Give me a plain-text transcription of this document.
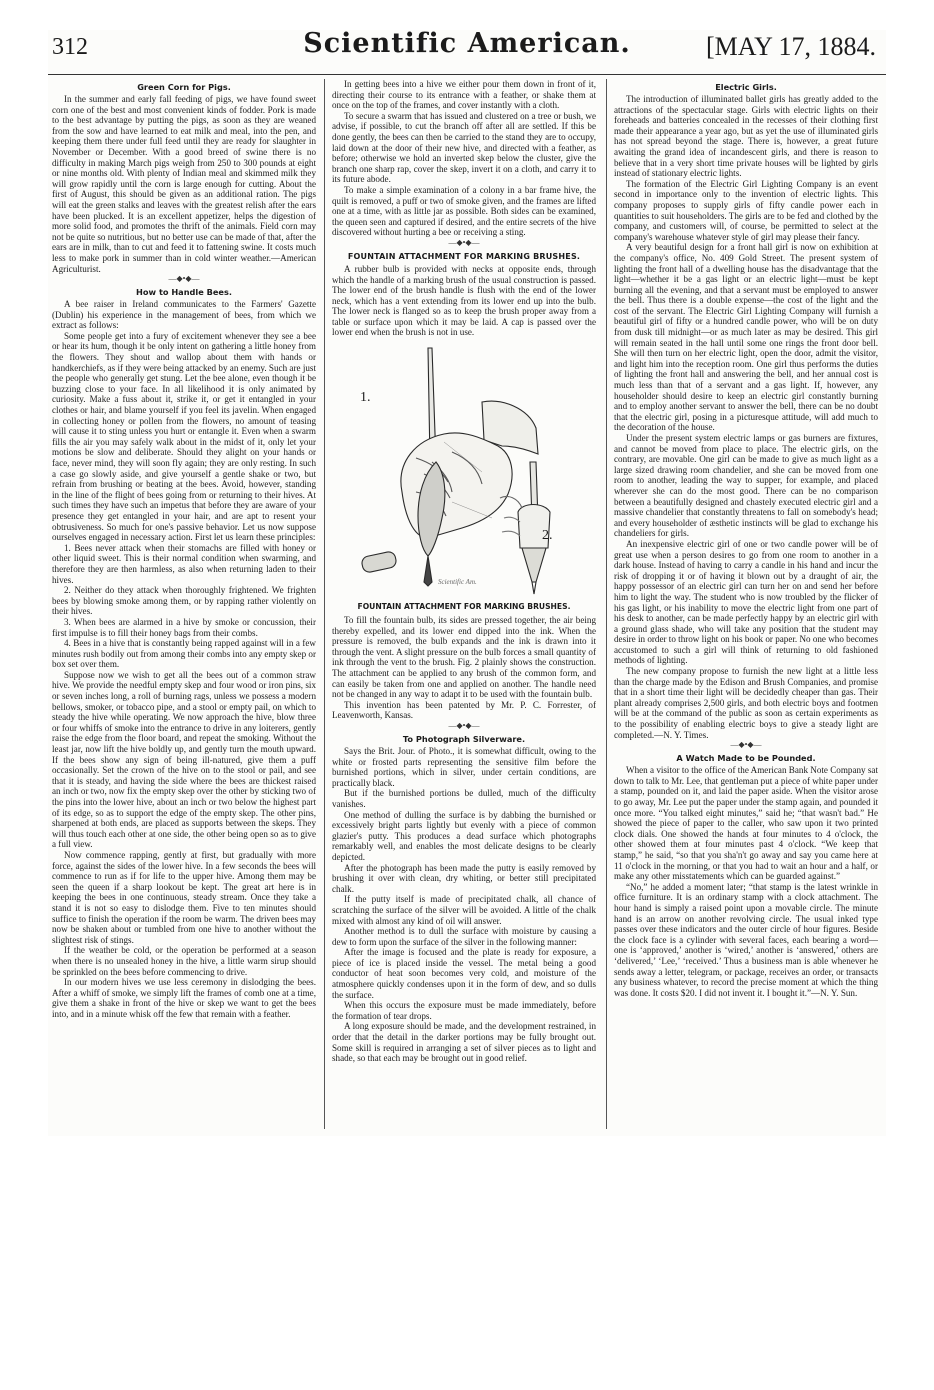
312	Scientific American.	[MAY 17, 1884.
Green Corn for Pigs.

In the summer and early fall feeding of pigs, we have found sweet corn one of the best and most convenient kinds of fodder. Pork is made to the best advantage by putting the pigs, as soon as they are weaned from the sow and have learned to eat milk and meal, into the pen, and keeping them there under full feed until they are ready for slaughter in November or December. With a good breed of swine there is no difficulty in making March pigs weigh from 250 to 300 pounds at eight or nine months old. With plenty of Indian meal and skimmed milk they will grow rapidly until the corn is large enough for cutting. About the first of August, this should be given as an additional ration. The pigs will eat the green stalks and leaves with the greatest relish after the ears have been plucked. It is an excellent appetizer, helps the digestion of more solid food, and promotes the thrift of the animals. Field corn may not be quite so nutritious, but no better use can be made of that, after the ears are in milk, than to cut and feed it to fattening swine. It costs much less to make pork in summer than in cold winter weather.—American Agriculturist.

—◆•◆—
How to Handle Bees.

A bee raiser in Ireland communicates to the Farmers' Gazette (Dublin) his experience in the management of bees, from which we extract as follows:

Some people get into a fury of excitement whenever they see a bee or hear its hum, though it be only intent on gathering a little honey from the flowers. They shout and wallop about them with hands or handkerchiefs, as if they were being attacked by an enemy. Such are just the people who generally get stung. Let the bee alone, even though it be buzzing close to your face. In all likelihood it is only animated by curiosity. Make a fuss about it, strike it, or get it entangled in your clothes or hair, and blame yourself if you feel its javelin. When engaged in collecting honey or pollen from the flowers, no amount of teasing will cause it to sting unless you hurt or entangle it. Even when a swarm fills the air you may safely walk about in the midst of it, only let your motions be slow and deliberate. Should they alight on your hands or face, never mind, they will soon fly again; they are only resting. In such a case go slowly aside, and give yourself a gentle shake or two, but refrain from brushing or beating at the bees. Avoid, however, standing in the line of the flight of bees going from or returning to their hives. At such times they have such an impetus that before they are aware of your presence they get entangled in your hair, and are apt to resent your obtrusiveness. So much for one's passive behavior. Let us now suppose ourselves engaged in necessary action. First let us learn these principles:

1. Bees never attack when their stomachs are filled with honey or other liquid sweet. This is their normal condition when swarming, and therefore they are then harmless, as also when returning laden to their hives.

2. Neither do they attack when thoroughly frightened. We frighten bees by blowing smoke among them, or by rapping rather violently on their hives.

3. When bees are alarmed in a hive by smoke or concussion, their first impulse is to fill their honey bags from their combs.

4. Bees in a hive that is constantly being rapped against will in a few minutes rush bodily out from among their combs into any empty skep or box set over them.

Suppose now we wish to get all the bees out of a common straw hive. We provide the needful empty skep and four wood or iron pins, six or seven inches long, a roll of burning rags, unless we possess a modern bellows, smoker, or tobacco pipe, and a stool or empty pail, on which to steady the hive while operating. We now approach the hive, blow three or four whiffs of smoke into the entrance to drive in any loiterers, gently raise the edge from the floor board, and repeat the smoking. Without the least jar, now lift the hive boldly up, and gently turn the mouth upward. If the bees show any sign of being ill-natured, give them a puff occasionally. Set the crown of the hive on to the stool or pail, and see that it is steady, and having the side where the bees are thickest raised an inch or two, now fix the empty skep over the other by sticking two of the pins into the lower hive, about an inch or two below the highest part of its edge, so as to support the edge of the empty skep. The other pins, sharpened at both ends, are placed as supports between the skeps. They will thus touch each other at one side, the other being open so as to give a full view.

Now commence rapping, gently at first, but gradually with more force, against the sides of the lower hive. In a few seconds the bees will commence to run as if for life to the upper hive. Among them may be seen the queen if a sharp lookout be kept. The great art here is in keeping the bees in one continuous, steady stream. Once they take a stand it is not so easy to dislodge them. Five to ten minutes should suffice to finish the operation if the room be warm. The driven bees may now be shaken about or tumbled from one hive to another without the slightest risk of stings.

If the weather be cold, or the operation be performed at a season when there is no unsealed honey in the hive, a little warm sirup should be sprinkled on the bees before commencing to drive.

In our modern hives we use less ceremony in dislodging the bees. After a whiff of smoke, we simply lift the frames of comb one at a time, give them a shake in front of the hive or skep we want to get the bees into, and in a minute whisk off the few that remain with a feather.

In getting bees into a hive we either pour them down in front of it, directing their course to its entrance with a feather, or shake them at once on the top of the frames, and cover instantly with a cloth.

To secure a swarm that has issued and clustered on a tree or bush, we advise, if possible, to cut the branch off after all are settled. If this be done gently, the bees can then be carried to the stand they are to occupy, laid down at the door of their new hive, and directed with a feather, as before; otherwise we hold an inverted skep below the cluster, give the branch one sharp rap, cover the skep, invert it on a cloth, and carry it to its future abode.

To make a simple examination of a colony in a bar frame hive, the quilt is removed, a puff or two of smoke given, and the frames are lifted one at a time, with as little jar as possible. Both sides can be examined, the queen seen and captured if desired, and the entire secrets of the hive discovered without hurting a bee or receiving a sting.

—◆•◆—
FOUNTAIN ATTACHMENT FOR MARKING BRUSHES.

A rubber bulb is provided with necks at opposite ends, through which the handle of a marking brush of the usual construction is passed. The lower end of the brush handle is flush with the end of the lower neck, which has a vent extending from its lower end up into the bulb. The lower neck is flanged so as to keep the brush proper away from a table or surface upon which it may be laid. A cap is passed over the lower end when the brush is not in use.

1.
2.
Scientific Am.
FOUNTAIN ATTACHMENT FOR MARKING BRUSHES.

To fill the fountain bulb, its sides are pressed together, the air being thereby expelled, and its lower end dipped into the ink. When the pressure is removed, the bulb expands and the ink is drawn into it through the vent. A slight pressure on the bulb forces a small quantity of ink through the vent to the brush. Fig. 2 plainly shows the construction. The attachment can be applied to any brush of the common form, and can easily be taken from one and applied on another. The handle need not be changed in any way to adapt it to be used with the fountain bulb.

This invention has been patented by Mr. P. C. Forrester, of Leavenworth, Kansas.

—◆•◆—
To Photograph Silverware.

Says the Brit. Jour. of Photo., it is somewhat difficult, owing to the white or frosted parts representing the sensitive film before the burnished portions, which in silver, under certain conditions, are practically black.

But if the burnished portions be dulled, much of the difficulty vanishes.

One method of dulling the surface is by dabbing the burnished or excessively bright parts lightly but evenly with a piece of common glazier's putty. This produces a dead surface which photographs remarkably well, and enables the most delicate designs to be clearly depicted.

After the photograph has been made the putty is easily removed by brushing it over with clean, dry whiting, or better still precipitated chalk.

If the putty itself is made of precipitated chalk, all chance of scratching the surface of the silver will be avoided. A little of the chalk mixed with almost any kind of oil will answer.

Another method is to dull the surface with moisture by causing a dew to form upon the surface of the silver in the following manner:

After the image is focused and the plate is ready for exposure, a piece of ice is placed inside the vessel. The metal being a good conductor of heat soon becomes very cold, and moisture of the atmosphere quickly condenses upon it in the form of dew, and so dulls the surface.

When this occurs the exposure must be made immediately, before the formation of tear drops.

A long exposure should be made, and the development restrained, in order that the detail in the darker portions may be fully brought out. Some skill is required in arranging a set of silver pieces as to light and shade, so that each may be brought out in good relief.

Electric Girls.

The introduction of illuminated ballet girls has greatly added to the attractions of the spectacular stage. Girls with electric lights on their foreheads and batteries concealed in the recesses of their clothing first made their appearance a year ago, but as yet the use of illuminated girls has not spread beyond the stage. There is, however, a great future awaiting the grand idea of incandescent girls, and there is reason to believe that in a very short time private houses will be lighted by girls instead of stationary electric lights.

The formation of the Electric Girl Lighting Company is an event second in importance only to the invention of electric lights. This company proposes to supply girls of fifty candle power each in quantities to suit householders. The girls are to be fed and clothed by the company, and customers will, of course, be permitted to select at the company's warehouse whatever style of girl may please their fancy.

A very beautiful design for a front hall girl is now on exhibition at the company's office, No. 409 Gold Street. The present system of lighting the front hall of a dwelling house has the disadvantage that the light—whether it be a gas light or an electric light—must be kept burning all the evening, and that a servant must be employed to answer the bell. Thus there is a double expense—the cost of the light and the cost of the servant. The Electric Girl Lighting Company will furnish a beautiful girl of fifty or a hundred candle power, who will be on duty from dusk till midnight—or as much later as may be desired. This girl will remain seated in the hall until some one rings the front door bell. She will then turn on her electric light, open the door, admit the visitor, and light him into the reception room. One girl thus performs the duties of lighting the front hall and answering the bell, and her annual cost is much less than that of a servant and a gas light. If, however, any householder should desire to keep an electric girl constantly burning and to employ another servant to answer the bell, there can be no doubt that the electric girl, posing in a picturesque attitude, will add much to the decoration of the house.

Under the present system electric lamps or gas burners are fixtures, and cannot be moved from place to place. The electric girls, on the contrary, are movable. One girl can be made to give as much light as a large sized drawing room chandelier, and she can be moved from one room to another, leading the way to supper, for example, and placed wherever she can do the most good. There can be no comparison between a beautifully designed and chastely executed electric girl and a massive chandelier that constantly threatens to fall on somebody's head; and every householder of æsthetic instincts will be glad to exchange his chandeliers for girls.

An inexpensive electric girl of one or two candle power will be of great use when a person desires to go from one room to another in a dark house. Instead of having to carry a candle in his hand and incur the risk of dropping it or of having it blown out by a draught of air, the happy possessor of an electric girl can turn her on and send her before him to light the way. The student who is now troubled by the flicker of his gas light, or his inability to move the electric light from one part of his desk to another, can be made perfectly happy by an electric girl with a ground glass shade, who will take any position that the student may desire in order to throw light on his book or paper. No one who becomes accustomed to such a girl will think of returning to old fashioned methods of lighting.

The new company propose to furnish the new light at a little less than the charge made by the Edison and Brush Companies, and promise that in a short time their light will be decidedly cheaper than gas. Their plant already comprises 2,500 girls, and both electric boys and footmen will be at the command of the public as soon as certain experiments as to the possibility of enabling electric boys to give a steady light are completed.—N. Y. Times.

—◆•◆—
A Watch Made to be Pounded.

When a visitor to the office of the American Bank Note Company sat down to talk to Mr. Lee, that gentleman put a piece of white paper under a stamp, pounded on it, and laid the paper aside. When the visitor arose to go away, Mr. Lee put the paper under the stamp again, and pounded it once more. “You talked eight minutes,” said he; “that wasn't bad.” He showed the piece of paper to the caller, who saw upon it two printed clock dials. One showed the hands at four minutes to 4 o'clock, the other showed them at four minutes past 4 o'clock. “We keep that stamp,” he said, “so that you sha'n't go away and say you came here at 11 o'clock in the morning, or that you had to wait an hour and a half, or make any other misstatements which can be guarded against.”

“No,” he added a moment later; “that stamp is the latest wrinkle in office furniture. It is an ordinary stamp with a clock attachment. The hour hand is simply a raised point upon a movable circle. The minute hand is an arrow on another revolving circle. The usual inked type passes over these indicators and the outer circle of hour figures. Beside the clock face is a cylinder with several faces, each bearing a word—one is ‘approved,’ another is ‘wired,’ another is ‘answered,’ others are ‘delivered,’ ‘Lee,’ ‘received.’ Thus a business man is able whenever he sends away a letter, telegram, or package, receives an order, or transacts any business whatever, to record the precise moment at which the thing was done. It costs $20. I did not invent it. I bought it.”—N. Y. Sun.
